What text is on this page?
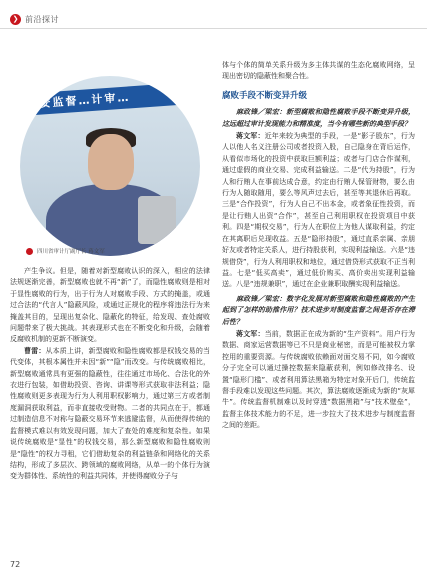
❯ 前沿探讨
…安监督…计审…
四川省审计厅副厅长 蒋文军

体与个体的简单关系升级为多主体共谋的生态化腐败网络，呈现出密切的隐蔽性和聚合性。

腐败手段不断变异升级

麻政锋／梁宏：新型腐败和隐性腐败手段不断变异升级，这远超过审计发现能力和精准度，当今有哪些新的典型手段？

蒋文军：近年来较为典型的手段，一是“影子股东”，行为人以他人名义注册公司或者投资入股，自己隐身在背后运作，从看似市场化的投资中获取巨额利益；或者与门店合作谋利，通过虚假的商业交易、完成利益输送。二是“代为持股”，行为人和行贿人在事前达成合意，约定由行贿人保管财物，要么由行为人随取随用，要么等风声过去后，甚至等其退休后再取。三是“合作投资”，行为人自己不出本金，或者象征性投资，而是让行贿人出资“合作”，甚至自己利用职权在投资项目中获利。四是“期权交易”，行为人在职位上为他人谋取利益，约定在其离职后兑现收益。五是“隐形持股”，通过直系亲属、亲朋好友或者特定关系人，进行持股获利，实现利益输送。六是“违规借贷”，行为人利用职权和地位，通过借贷形式获取不正当利益。七是“低买高卖”，通过低价购买、高价卖出实现利益输送。八是“违规兼职”，通过在企业兼职取酬实现利益输送。

麻政锋／梁宏：数字化发展对新型腐败和隐性腐败的产生起到了怎样的助推作用？技术进步对制度监督之间是否存在滞后性？

蒋文军：当前，数据正在成为新的“生产资料”。用户行为数据、商家运营数据等已不只是商业秘密，而是可能被权力掌控用的重要资源。与传统腐败依赖面对面交易不同，如今腐败分子完全可以通过操控数据来隐蔽获利，例如修改排名、设置“隐形门槛”、或者利用算法黑箱为特定对象开后门，传统监督手段难以发现这些问题。其次，算法腐败逐渐成为新的“灰犀牛”。传统监督机制难以及时穿透“数据黑箱”与“技术壁垒”，监督主体技术能力的不足，进一步拉大了技术进步与制度监督之间的差距。

产生争议。但是，随着对新型腐败认识的深入，相应的法律法规逐渐完善，新型腐败也就不再“新”了，而隐性腐败则是相对于显性腐败的行为，出于行为人对腐败手段、方式的掩盖，或通过合法的“代言人”隐蔽风险，或通过正规化的程序将违法行为来掩盖其目的，呈现出复杂化、隐蔽化的特征，给发现、查处腐败问题带来了极大挑战。其表现形式也在不断变化和升级，会随着反腐败机制的更新不断演变。

曹雷：从本质上讲，新型腐败和隐性腐败都是权钱交易的当代变体，其根本属性并未因“新”“隐”而改变。与传统腐败相比，新型腐败通常具有更强的隐蔽性，往往通过市场化、合法化的外衣进行包装，如借助投资、咨询、讲课等形式获取非法利益；隐性腐败则更多表现为行为人利用职权影响力，通过第三方或者制度漏洞获取利益，而非直接收受财物。二者的共同点在于，都通过制造信息不对称与隐蔽交易环节来逃避监督，从而使得传统的监督模式难以有效发现问题，加大了查处的难度和复杂性。如果说传统腐败是“显性”的权钱交易，那么新型腐败和隐性腐败则是“隐性”的权力寻租，它们借助复杂的利益链条和网络化的关系结构，形成了多层次、跨领域的腐败网络，从单一的个体行为演变为群体性、系统性的利益共同体，并使得腐败分子与

72
